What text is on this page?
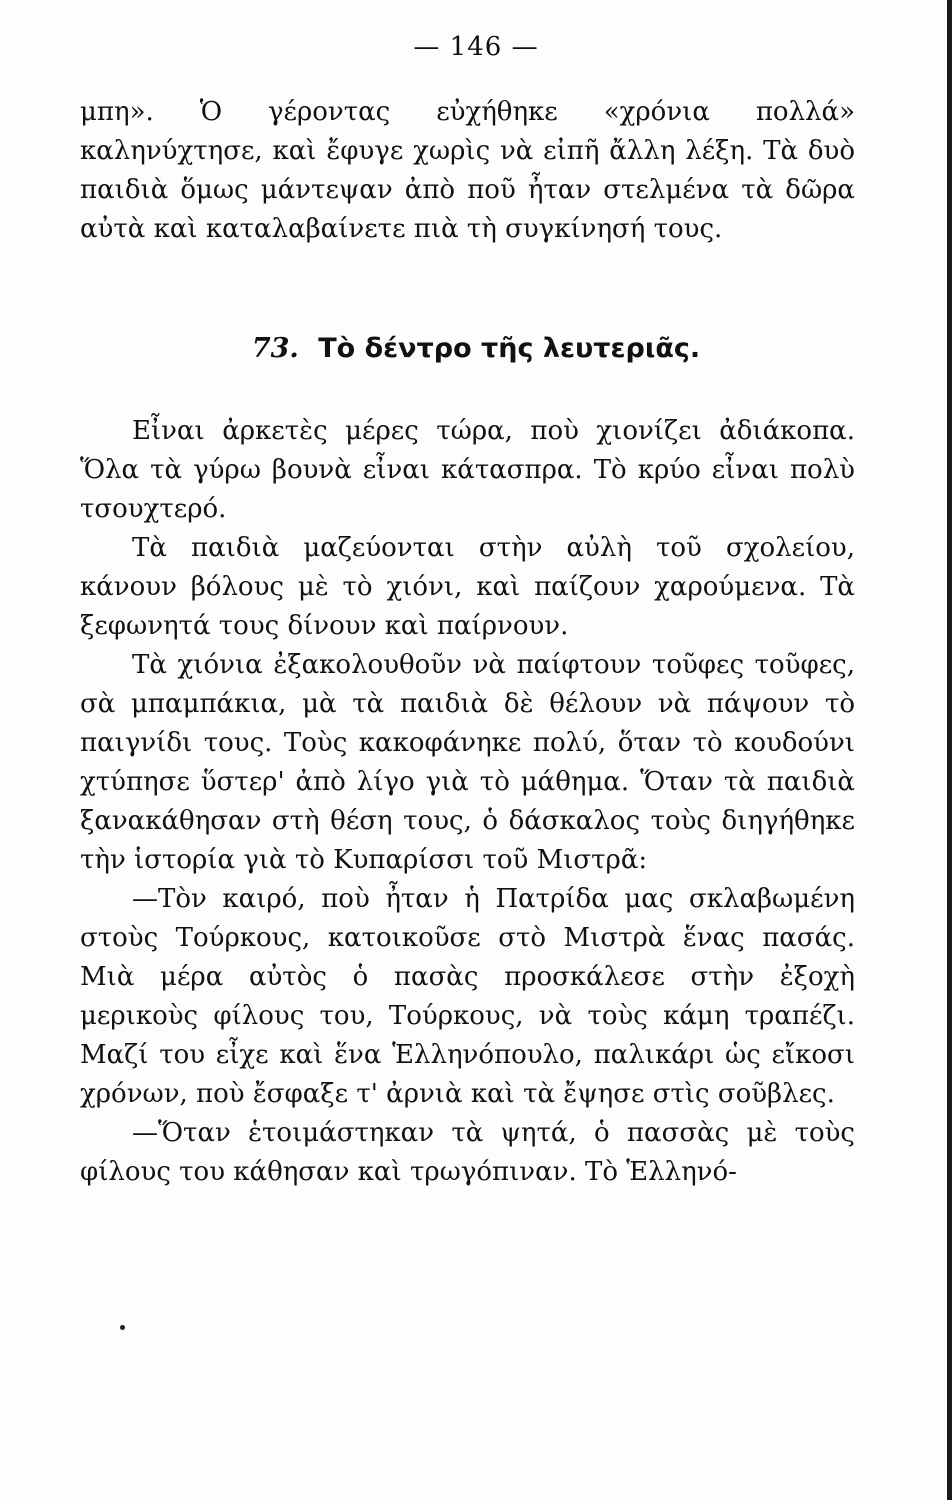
— 146 —

μπη». Ὁ γέροντας εὐχήθηκε «χρόνια πολλά» καληνύχτησε, καὶ ἔφυγε χωρὶς νὰ εἰπῆ ἄλλη λέξη. Τὰ δυὸ παιδιὰ ὅμως μάντεψαν ἀπὸ ποῦ ἦταν στελμένα τὰ δῶρα αὐτὰ καὶ καταλαβαίνετε πιὰ τὴ συγκίνησή τους.

73. Τὸ δέντρο τῆς λευτεριᾶς.

Εἶναι ἀρκετὲς μέρες τώρα, ποὺ χιονίζει ἀδιάκοπα. Ὅλα τὰ γύρω βουνὰ εἶναι κάτασπρα. Τὸ κρύο εἶναι πολὺ τσουχτερό.

Τὰ παιδιὰ μαζεύονται στὴν αὐλὴ τοῦ σχολείου, κάνουν βόλους μὲ τὸ χιόνι, καὶ παίζουν χαρούμενα. Τὰ ξεφωνητά τους δίνουν καὶ παίρνουν.

Τὰ χιόνια ἐξακολουθοῦν νὰ παίφτουν τοῦφες τοῦφες, σὰ μπαμπάκια, μὰ τὰ παιδιὰ δὲ θέλουν νὰ πάψουν τὸ παιγνίδι τους. Τοὺς κακοφάνηκε πολύ, ὅταν τὸ κουδούνι χτύπησε ὕστερ' ἀπὸ λίγο γιὰ τὸ μάθημα. Ὅταν τὰ παιδιὰ ξανακάθησαν στὴ θέση τους, ὁ δάσκαλος τοὺς διηγήθηκε τὴν ἱστορία γιὰ τὸ Κυπαρίσσι τοῦ Μιστρᾶ:

—Τὸν καιρό, ποὺ ἦταν ἡ Πατρίδα μας σκλαβωμένη στοὺς Τούρκους, κατοικοῦσε στὸ Μιστρὰ ἕνας πασάς. Μιὰ μέρα αὐτὸς ὁ πασὰς προσκάλεσε στὴν ἐξοχὴ μερικοὺς φίλους του, Τούρκους, νὰ τοὺς κάμη τραπέζι. Μαζί του εἶχε καὶ ἕνα Ἑλληνόπουλο, παλικάρι ὡς εἴκοσι χρόνων, ποὺ ἔσφαξε τ' ἀρνιὰ καὶ τὰ ἔψησε στὶς σοῦβλες.

—Ὅταν ἑτοιμάστηκαν τὰ ψητά, ὁ πασσὰς μὲ τοὺς φίλους του κάθησαν καὶ τρωγόπιναν. Τὸ Ἑλληνό-
